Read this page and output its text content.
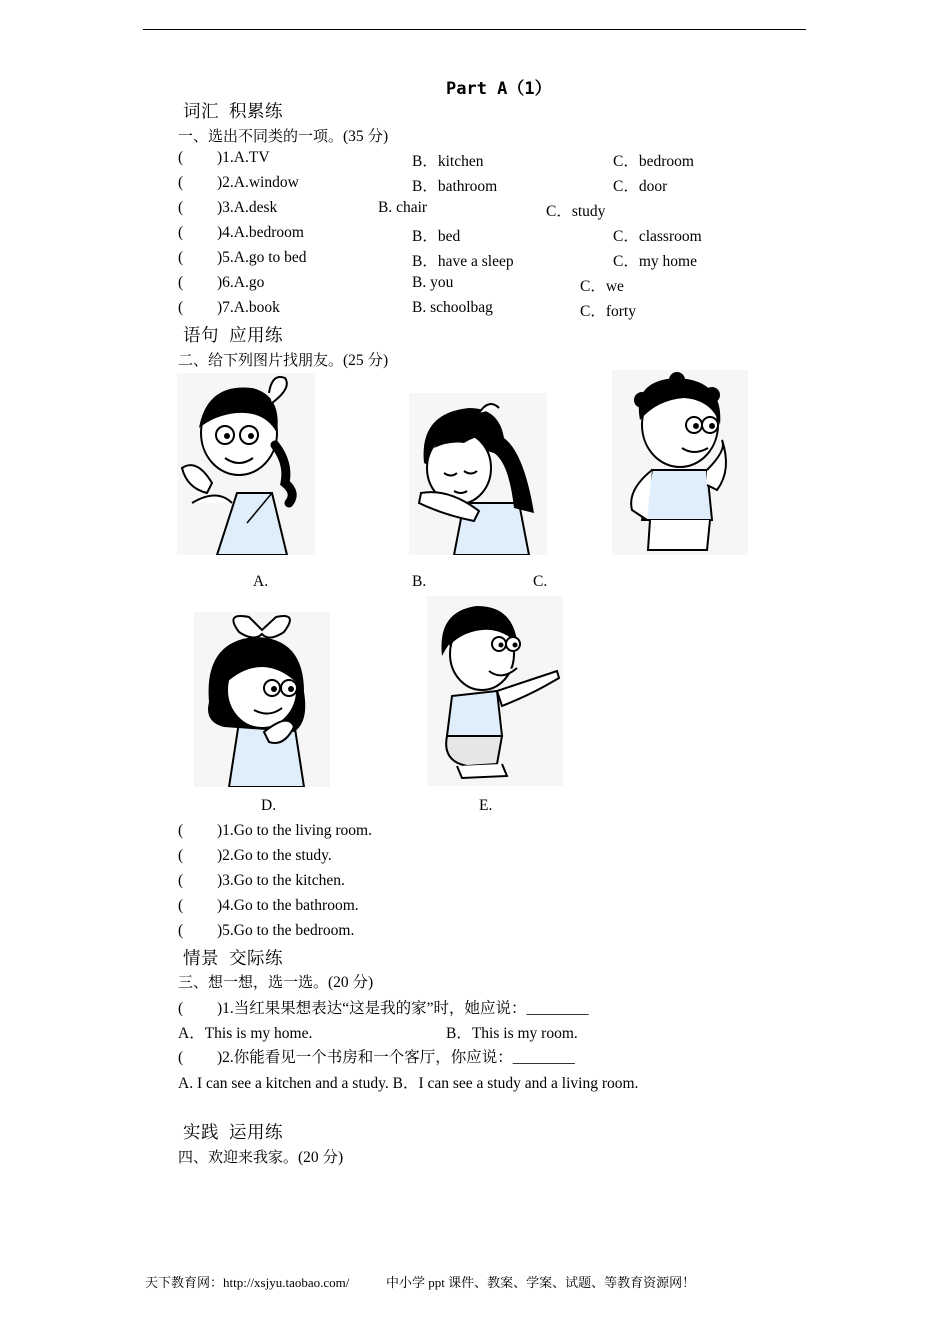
Part A（1）
词汇 积累练
一、选出不同类的一项。(35 分)
( )1.A.TV	B．kitchen	C．bedroom
( )2.A.window	B．bathroom	C．door
( )3.A.desk	B. chair	C．study
( )4.A.bedroom	B．bed	C．classroom
( )5.A.go to bed	B．have a sleep	C．my home
( )6.A.go	B. you	C．we
( )7.A.book	B. schoolbag	C．forty
语句 应用练
二、给下列图片找朋友。(25 分)
A.	B.	C.
D.	E.
( )1.Go to the living room.
( )2.Go to the study.
( )3.Go to the kitchen.
( )4.Go to the bathroom.
( )5.Go to the bedroom.
情景 交际练
三、想一想，选一选。(20 分)
( )1.当红果果想表达“这是我的家”时，她应说：________
A．This is my home.	B．This is my room.
( )2.你能看见一个书房和一个客厅，你应说：________
A. I can see a kitchen and a study. B．I can see a study and a living room.
实践 运用练
四、欢迎来我家。(20 分)
天下教育网：http://xsjyu.taobao.com/	中小学 ppt 课件、教案、学案、试题、等教育资源网！
